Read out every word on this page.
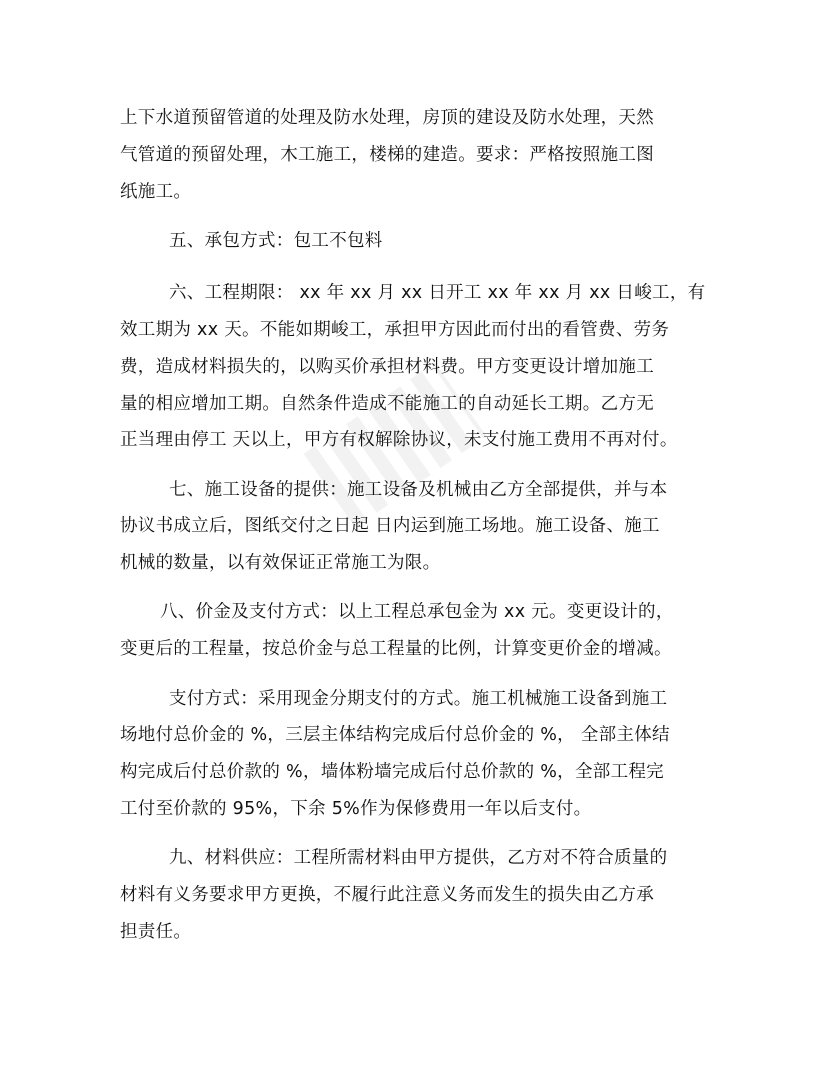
上下水道预留管道的处理及防水处理，房顶的建设及防水处理，天然
气管道的预留处理，木工施工，楼梯的建造。要求：严格按照施工图
纸施工。
五、承包方式：包工不包料
六、工程期限： xx 年 xx 月 xx 日开工 xx 年 xx 月 xx 日峻工，有
效工期为 xx 天。不能如期峻工，承担甲方因此而付出的看管费、劳务
费，造成材料损失的，以购买价承担材料费。甲方变更设计增加施工
量的相应增加工期。自然条件造成不能施工的自动延长工期。乙方无
正当理由停工 天以上，甲方有权解除协议，未支付施工费用不再对付。
七、施工设备的提供：施工设备及机械由乙方全部提供，并与本
协议书成立后，图纸交付之日起 日内运到施工场地。施工设备、施工
机械的数量，以有效保证正常施工为限。
八、价金及支付方式：以上工程总承包金为 xx 元。变更设计的，
变更后的工程量，按总价金与总工程量的比例，计算变更价金的增减。
支付方式：采用现金分期支付的方式。施工机械施工设备到施工
场地付总价金的 %，三层主体结构完成后付总价金的 %， 全部主体结
构完成后付总价款的 %，墙体粉墙完成后付总价款的 %，全部工程完
工付至价款的 95%，下余 5%作为保修费用一年以后支付。
九、材料供应：工程所需材料由甲方提供，乙方对不符合质量的
材料有义务要求甲方更换，不履行此注意义务而发生的损失由乙方承
担责任。
